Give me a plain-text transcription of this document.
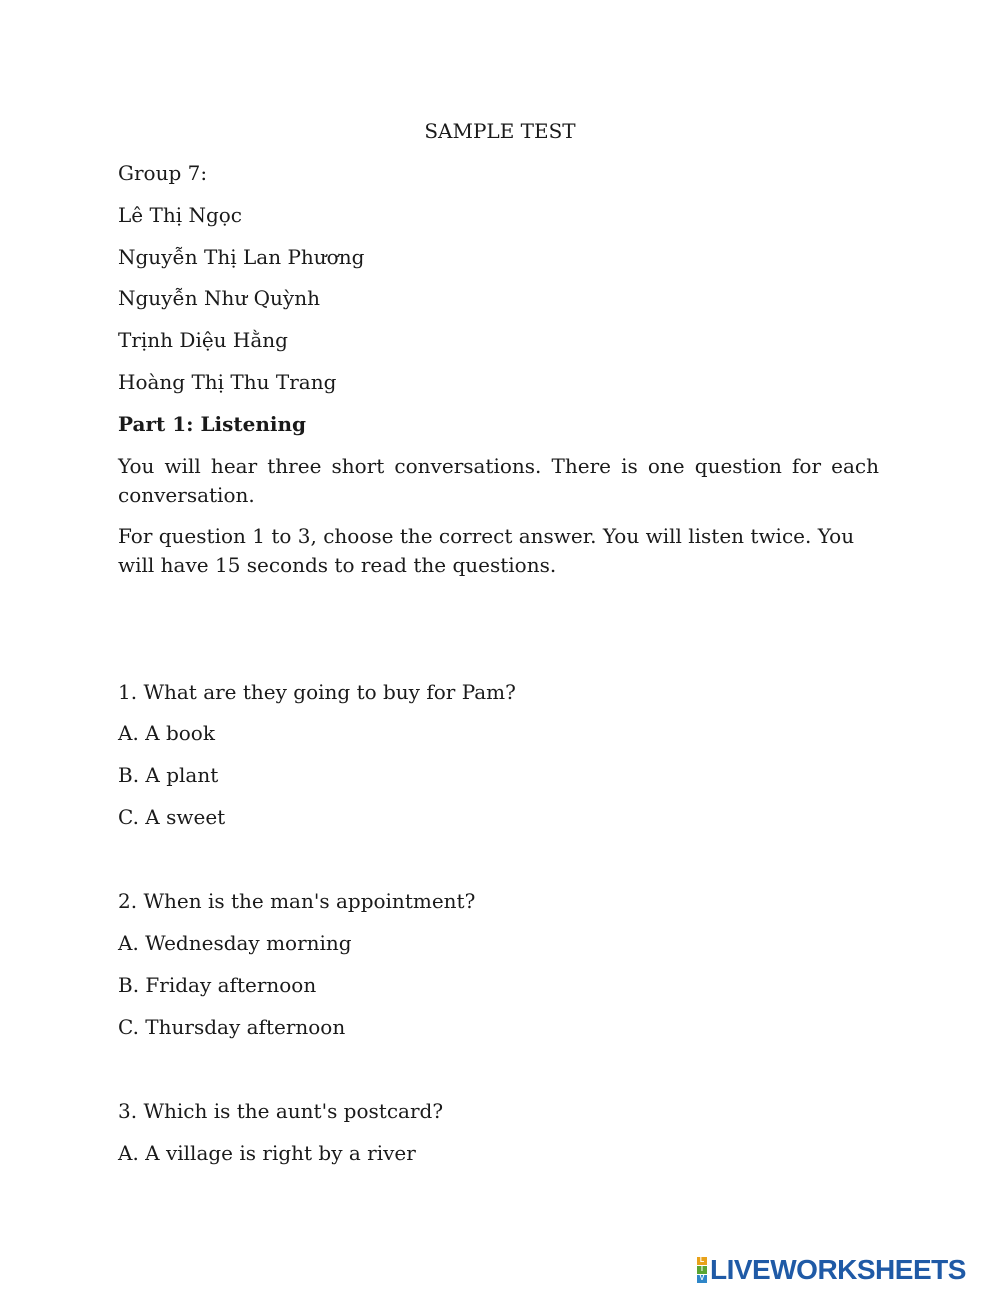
SAMPLE TEST
Group 7:
Lê Thị Ngọc
Nguyễn Thị Lan Phương
Nguyễn Như Quỳnh
Trịnh Diệu Hằng
Hoàng Thị Thu Trang
Part 1: Listening
You will hear three short conversations. There is one question for each conversation.
For question 1 to 3, choose the correct answer. You will listen twice. You will have 15 seconds to read the questions.
1. What are they going to buy for Pam?
A. A book
B. A plant
C. A sweet
2. When is the man's appointment?
A. Wednesday morning
B. Friday afternoon
C. Thursday afternoon
3. Which is the aunt's postcard?
A. A village is right by a river
L
I
V LIVEWORKSHEETS
